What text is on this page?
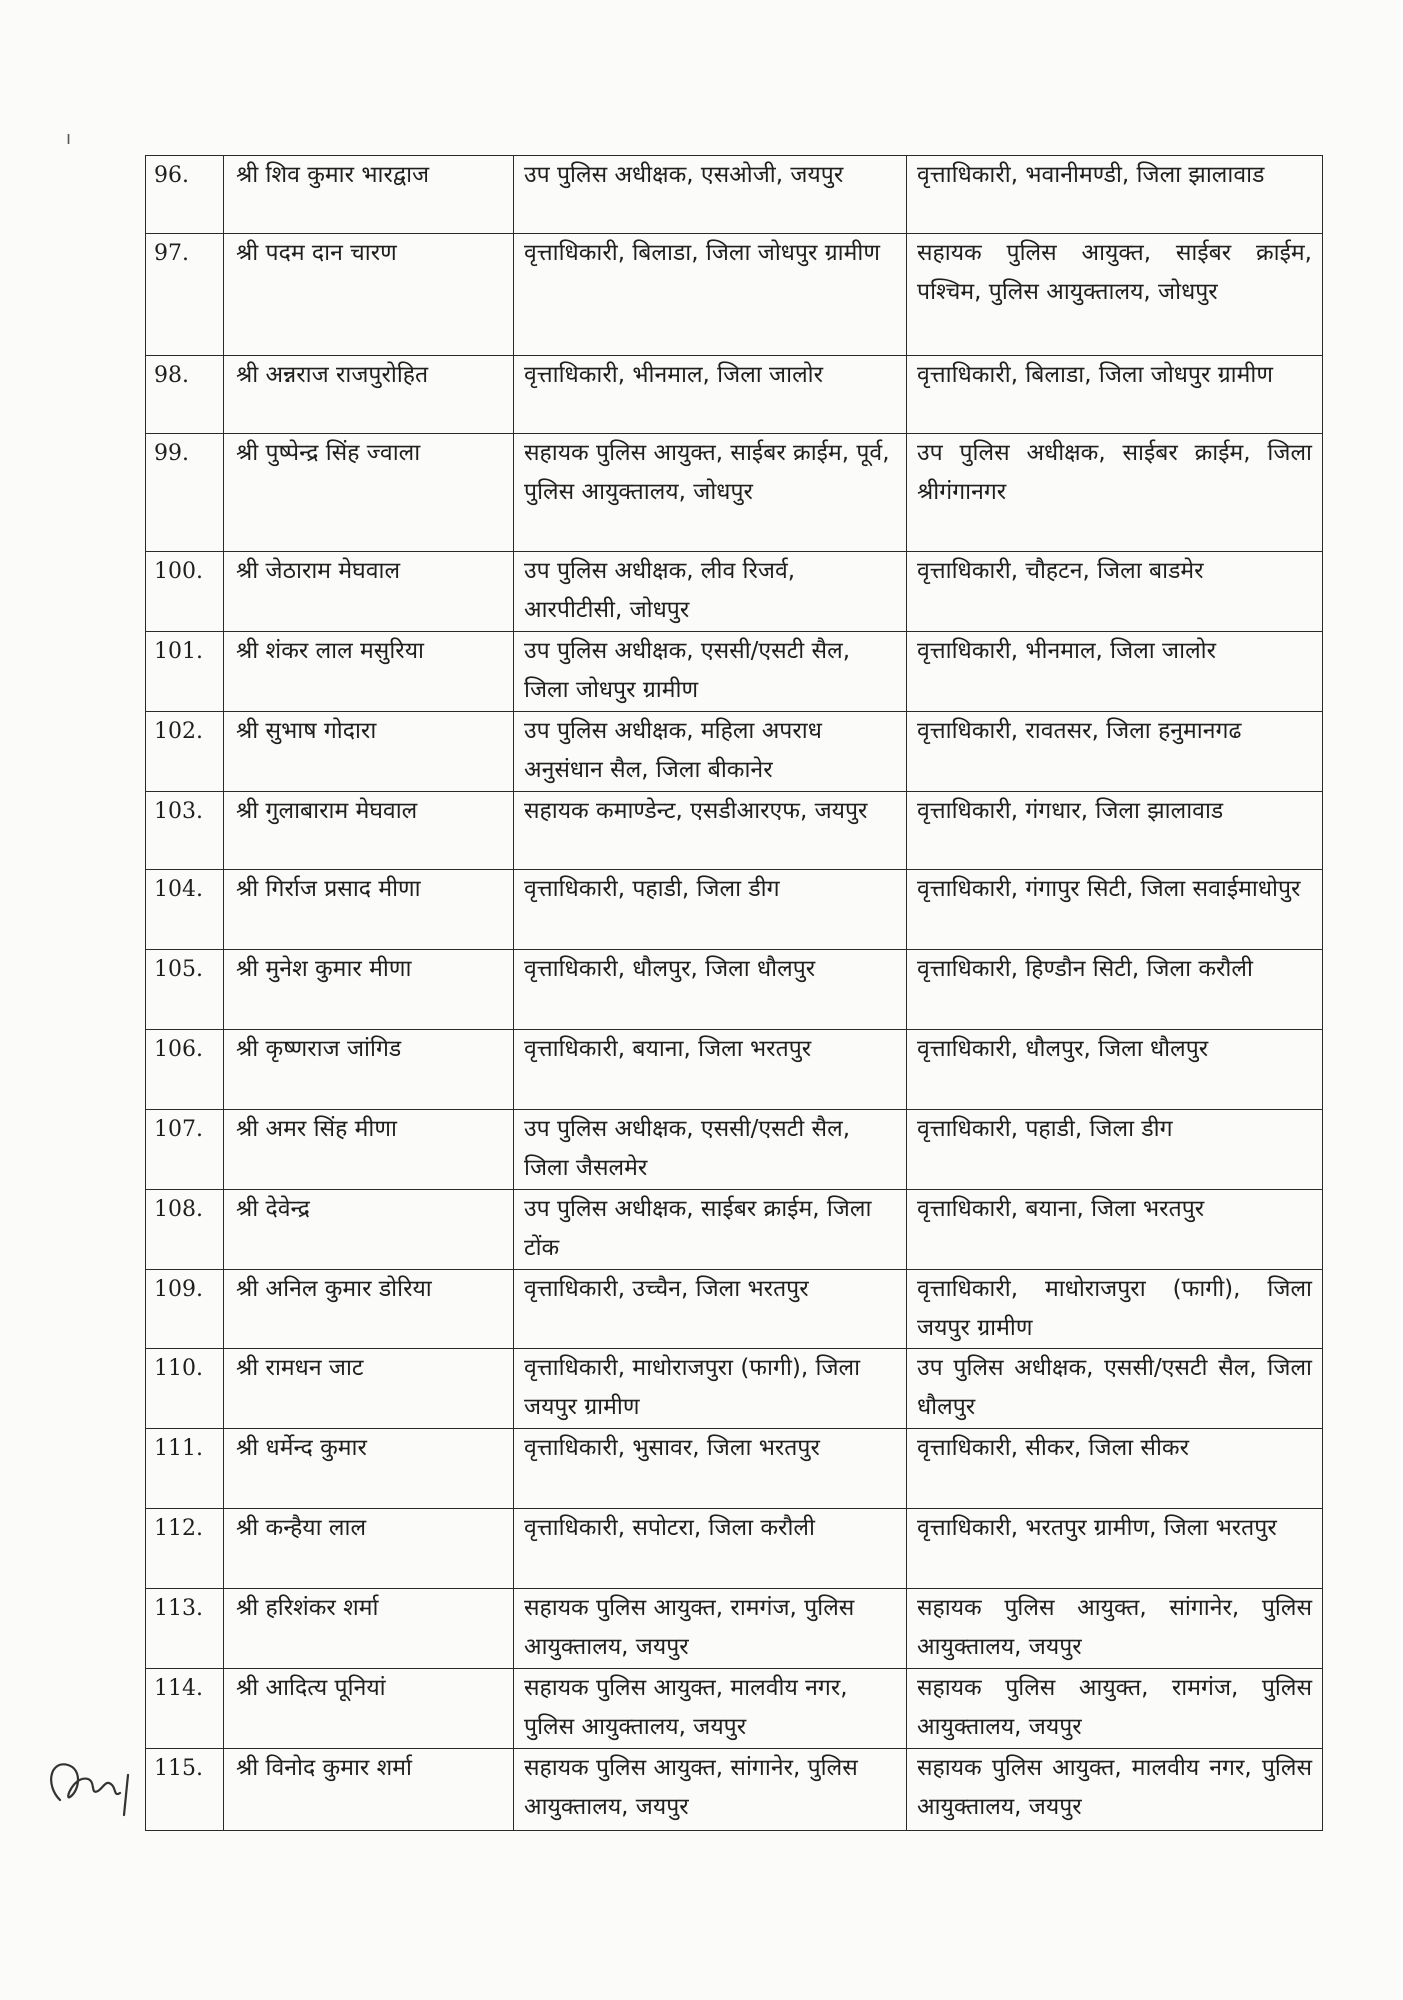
ı
96.	श्री शिव कुमार भारद्वाज	उप पुलिस अधीक्षक, एसओजी, जयपुर	वृत्ताधिकारी, भवानीमण्डी, जिला झालावाड
97.	श्री पदम दान चारण	वृत्ताधिकारी, बिलाडा, जिला जोधपुर ग्रामीण	सहायक पुलिस आयुक्त, साईबर क्राईम, पश्चिम, पुलिस आयुक्तालय, जोधपुर
98.	श्री अन्नराज राजपुरोहित	वृत्ताधिकारी, भीनमाल, जिला जालोर	वृत्ताधिकारी, बिलाडा, जिला जोधपुर ग्रामीण
99.	श्री पुष्पेन्द्र सिंह ज्वाला	सहायक पुलिस आयुक्त, साईबर क्राईम, पूर्व, पुलिस आयुक्तालय, जोधपुर	उप पुलिस अधीक्षक, साईबर क्राईम, जिला श्रीगंगानगर
100.	श्री जेठाराम मेघवाल	उप पुलिस अधीक्षक, लीव रिजर्व, आरपीटीसी, जोधपुर	वृत्ताधिकारी, चौहटन, जिला बाडमेर
101.	श्री शंकर लाल मसुरिया	उप पुलिस अधीक्षक, एससी/एसटी सैल, जिला जोधपुर ग्रामीण	वृत्ताधिकारी, भीनमाल, जिला जालोर
102.	श्री सुभाष गोदारा	उप पुलिस अधीक्षक, महिला अपराध अनुसंधान सैल, जिला बीकानेर	वृत्ताधिकारी, रावतसर, जिला हनुमानगढ
103.	श्री गुलाबाराम मेघवाल	सहायक कमाण्डेन्ट, एसडीआरएफ, जयपुर	वृत्ताधिकारी, गंगधार, जिला झालावाड
104.	श्री गिर्राज प्रसाद मीणा	वृत्ताधिकारी, पहाडी, जिला डीग	वृत्ताधिकारी, गंगापुर सिटी, जिला सवाईमाधोपुर
105.	श्री मुनेश कुमार मीणा	वृत्ताधिकारी, धौलपुर, जिला धौलपुर	वृत्ताधिकारी, हिण्डौन सिटी, जिला करौली
106.	श्री कृष्णराज जांगिड	वृत्ताधिकारी, बयाना, जिला भरतपुर	वृत्ताधिकारी, धौलपुर, जिला धौलपुर
107.	श्री अमर सिंह मीणा	उप पुलिस अधीक्षक, एससी/एसटी सैल, जिला जैसलमेर	वृत्ताधिकारी, पहाडी, जिला डीग
108.	श्री देवेन्द्र	उप पुलिस अधीक्षक, साईबर क्राईम, जिला टोंक	वृत्ताधिकारी, बयाना, जिला भरतपुर
109.	श्री अनिल कुमार डोरिया	वृत्ताधिकारी, उच्चैन, जिला भरतपुर	वृत्ताधिकारी, माधोराजपुरा (फागी), जिला जयपुर ग्रामीण
110.	श्री रामधन जाट	वृत्ताधिकारी, माधोराजपुरा (फागी), जिला जयपुर ग्रामीण	उप पुलिस अधीक्षक, एससी/एसटी सैल, जिला धौलपुर
111.	श्री धर्मेन्द कुमार	वृत्ताधिकारी, भुसावर, जिला भरतपुर	वृत्ताधिकारी, सीकर, जिला सीकर
112.	श्री कन्हैया लाल	वृत्ताधिकारी, सपोटरा, जिला करौली	वृत्ताधिकारी, भरतपुर ग्रामीण, जिला भरतपुर
113.	श्री हरिशंकर शर्मा	सहायक पुलिस आयुक्त, रामगंज, पुलिस आयुक्तालय, जयपुर	सहायक पुलिस आयुक्त, सांगानेर, पुलिस आयुक्तालय, जयपुर
114.	श्री आदित्य पूनियां	सहायक पुलिस आयुक्त, मालवीय नगर, पुलिस आयुक्तालय, जयपुर	सहायक पुलिस आयुक्त, रामगंज, पुलिस आयुक्तालय, जयपुर
115.	श्री विनोद कुमार शर्मा	सहायक पुलिस आयुक्त, सांगानेर, पुलिस आयुक्तालय, जयपुर	सहायक पुलिस आयुक्त, मालवीय नगर, पुलिस आयुक्तालय, जयपुर
